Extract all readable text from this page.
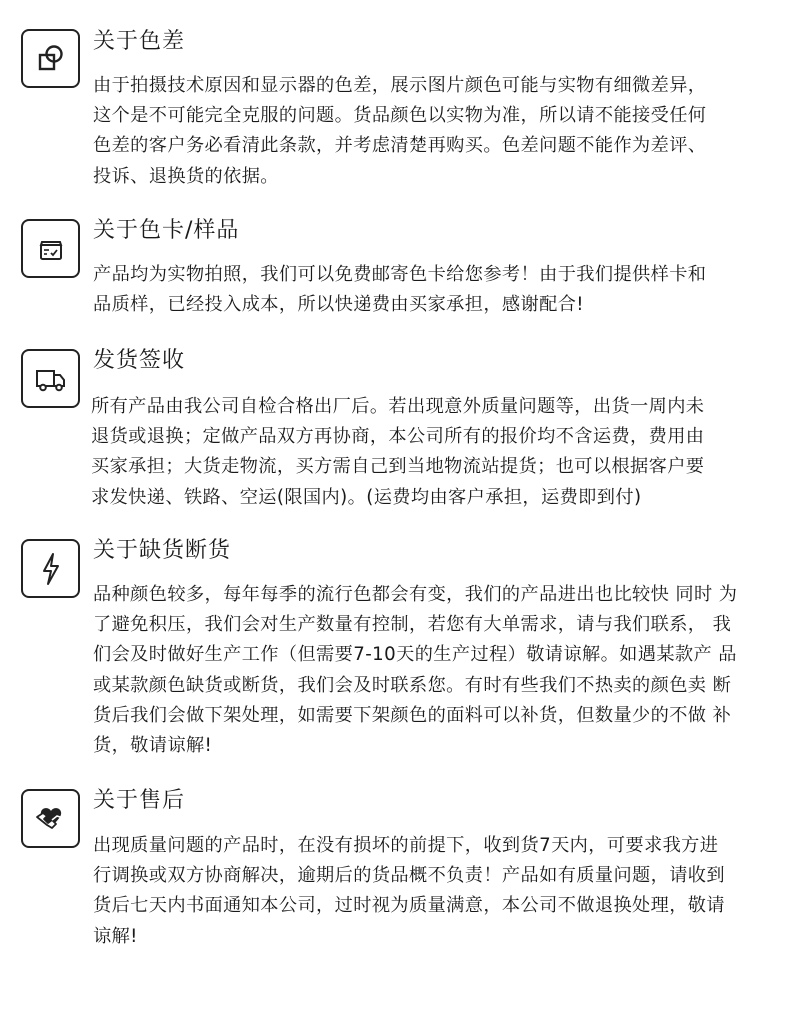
关于色差
由于拍摄技术原因和显示器的色差，展示图片颜色可能与实物有细微差异，
这个是不可能完全克服的问题。货品颜色以实物为准，所以请不能接受任何
色差的客户务必看清此条款，并考虑清楚再购买。色差问题不能作为差评、
投诉、退换货的依据。
关于色卡/样品
产品均为实物拍照，我们可以免费邮寄色卡给您参考！由于我们提供样卡和
品质样，已经投入成本，所以快递费由买家承担，感谢配合!
发货签收
所有产品由我公司自检合格出厂后。若出现意外质量问题等，出货一周内未
退货或退换；定做产品双方再协商，本公司所有的报价均不含运费，费用由
买家承担；大货走物流，买方需自己到当地物流站提货；也可以根据客户要
求发快递、铁路、空运(限国内)。(运费均由客户承担，运费即到付)
关于缺货断货
品种颜色较多，每年每季的流行色都会有变，我们的产品进出也比较快 同时 为
了避免积压，我们会对生产数量有控制，若您有大单需求，请与我们联系， 我
们会及时做好生产工作（但需要7-10天的生产过程）敬请谅解。如遇某款产 品
或某款颜色缺货或断货，我们会及时联系您。有时有些我们不热卖的颜色卖 断
货后我们会做下架处理，如需要下架颜色的面料可以补货，但数量少的不做 补
货，敬请谅解!
关于售后
出现质量问题的产品时，在没有损坏的前提下，收到货7天内，可要求我方进
行调换或双方协商解决，逾期后的货品概不负责！产品如有质量问题，请收到
货后七天内书面通知本公司，过时视为质量满意，本公司不做退换处理，敬请
谅解!
